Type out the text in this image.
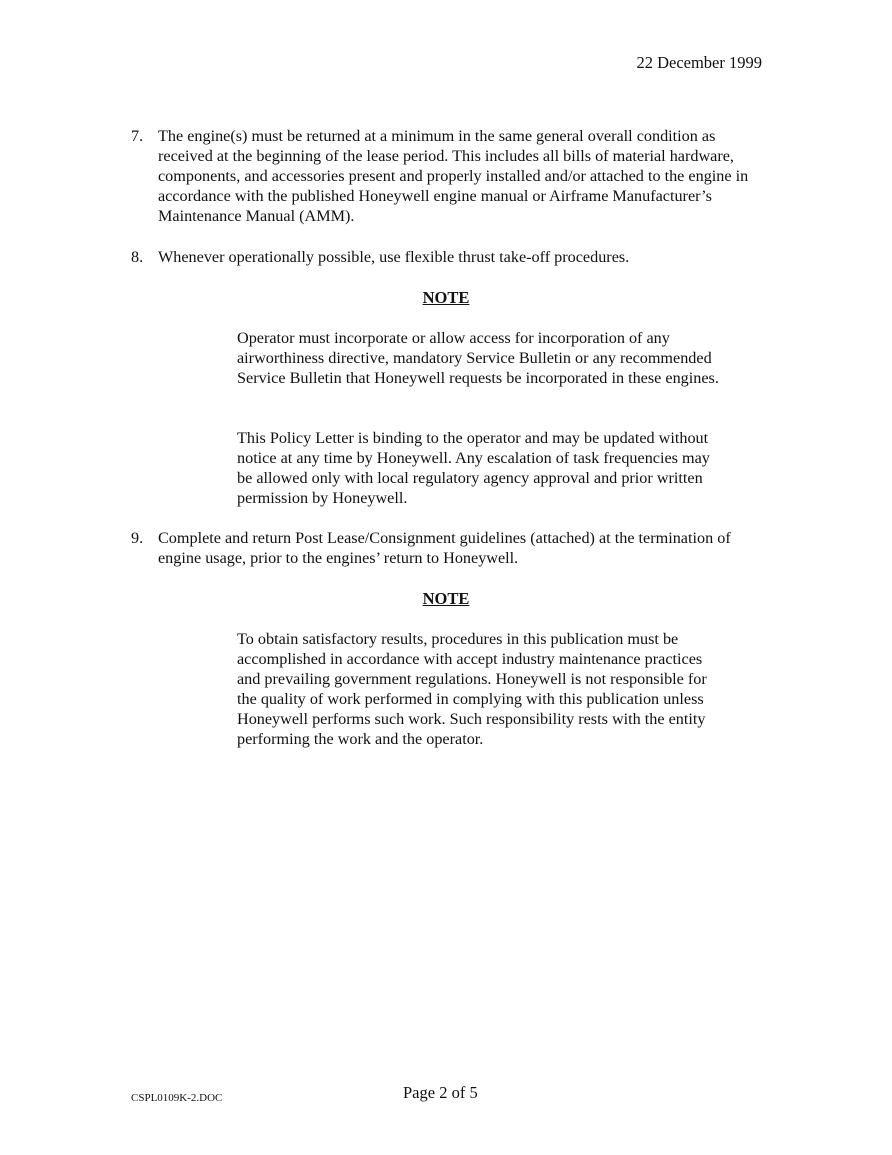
22 December 1999
7. The engine(s) must be returned at a minimum in the same general overall condition as received at the beginning of the lease period. This includes all bills of material hardware, components, and accessories present and properly installed and/or attached to the engine in accordance with the published Honeywell engine manual or Airframe Manufacturer’s Maintenance Manual (AMM).
8. Whenever operationally possible, use flexible thrust take-off procedures.
NOTE
Operator must incorporate or allow access for incorporation of any airworthiness directive, mandatory Service Bulletin or any recommended Service Bulletin that Honeywell requests be incorporated in these engines.
This Policy Letter is binding to the operator and may be updated without notice at any time by Honeywell. Any escalation of task frequencies may be allowed only with local regulatory agency approval and prior written permission by Honeywell.
9. Complete and return Post Lease/Consignment guidelines (attached) at the termination of engine usage, prior to the engines’ return to Honeywell.
NOTE
To obtain satisfactory results, procedures in this publication must be accomplished in accordance with accept industry maintenance practices and prevailing government regulations. Honeywell is not responsible for the quality of work performed in complying with this publication unless Honeywell performs such work. Such responsibility rests with the entity performing the work and the operator.
CSPL0109K-2.DOC	Page 2 of 5
